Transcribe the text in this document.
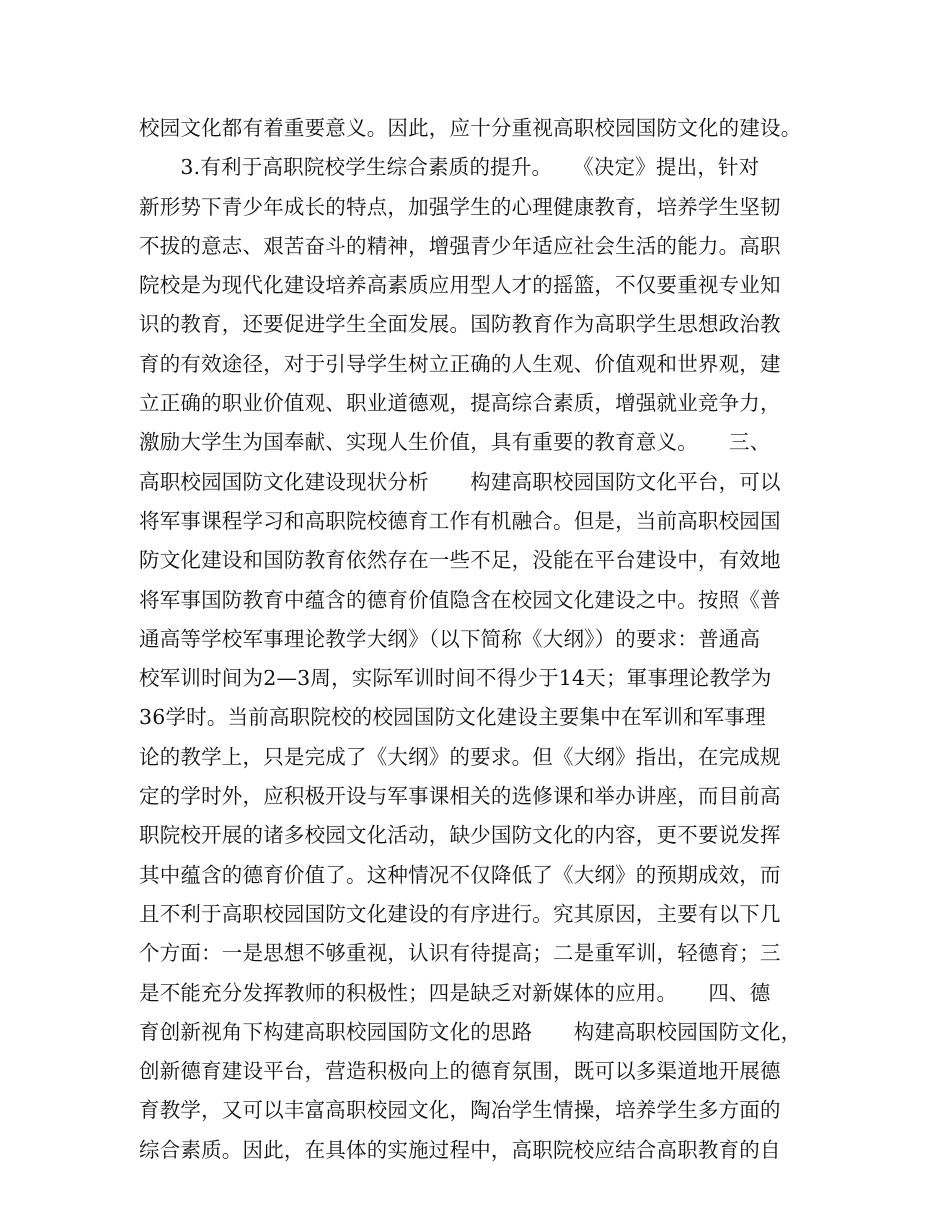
校园文化都有着重要意义。因此，应十分重视高职校园国防文化的建设。
　　3.有利于高职院校学生综合素质的提升。　　《决定》提出，针对
新形势下青少年成长的特点，加强学生的心理健康教育，培养学生坚韧
不拔的意志、艰苦奋斗的精神，增强青少年适应社会生活的能力。高职
院校是为现代化建设培养高素质应用型人才的摇篮，不仅要重视专业知
识的教育，还要促进学生全面发展。国防教育作为高职学生思想政治教
育的有效途径，对于引导学生树立正确的人生观、价值观和世界观，建
立正确的职业价值观、职业道德观，提高综合素质，增强就业竞争力，
激励大学生为国奉献、实现人生价值，具有重要的教育意义。　　三、
高职校园国防文化建设现状分析　　构建高职校园国防文化平台，可以
将军事课程学习和高职院校德育工作有机融合。但是，当前高职校园国
防文化建设和国防教育依然存在一些不足，没能在平台建设中，有效地
将军事国防教育中蕴含的德育价值隐含在校园文化建设之中。按照《普
通高等学校军事理论教学大纲》（以下简称《大纲》）的要求：普通高
校军训时间为2—3周，实际军训时间不得少于14天；軍事理论教学为
36学时。当前高职院校的校园国防文化建设主要集中在军训和军事理
论的教学上，只是完成了《大纲》的要求。但《大纲》指出，在完成规
定的学时外，应积极开设与军事课相关的选修课和举办讲座，而目前高
职院校开展的诸多校园文化活动，缺少国防文化的内容，更不要说发挥
其中蕴含的德育价值了。这种情况不仅降低了《大纲》的预期成效，而
且不利于高职校园国防文化建设的有序进行。究其原因，主要有以下几
个方面：一是思想不够重视，认识有待提高；二是重军训，轻德育；三
是不能充分发挥教师的积极性；四是缺乏对新媒体的应用。　　四、德
育创新视角下构建高职校园国防文化的思路　　构建高职校园国防文化，
创新德育建设平台，营造积极向上的德育氛围，既可以多渠道地开展德
育教学，又可以丰富高职校园文化，陶冶学生情操，培养学生多方面的
综合素质。因此，在具体的实施过程中，高职院校应结合高职教育的自
